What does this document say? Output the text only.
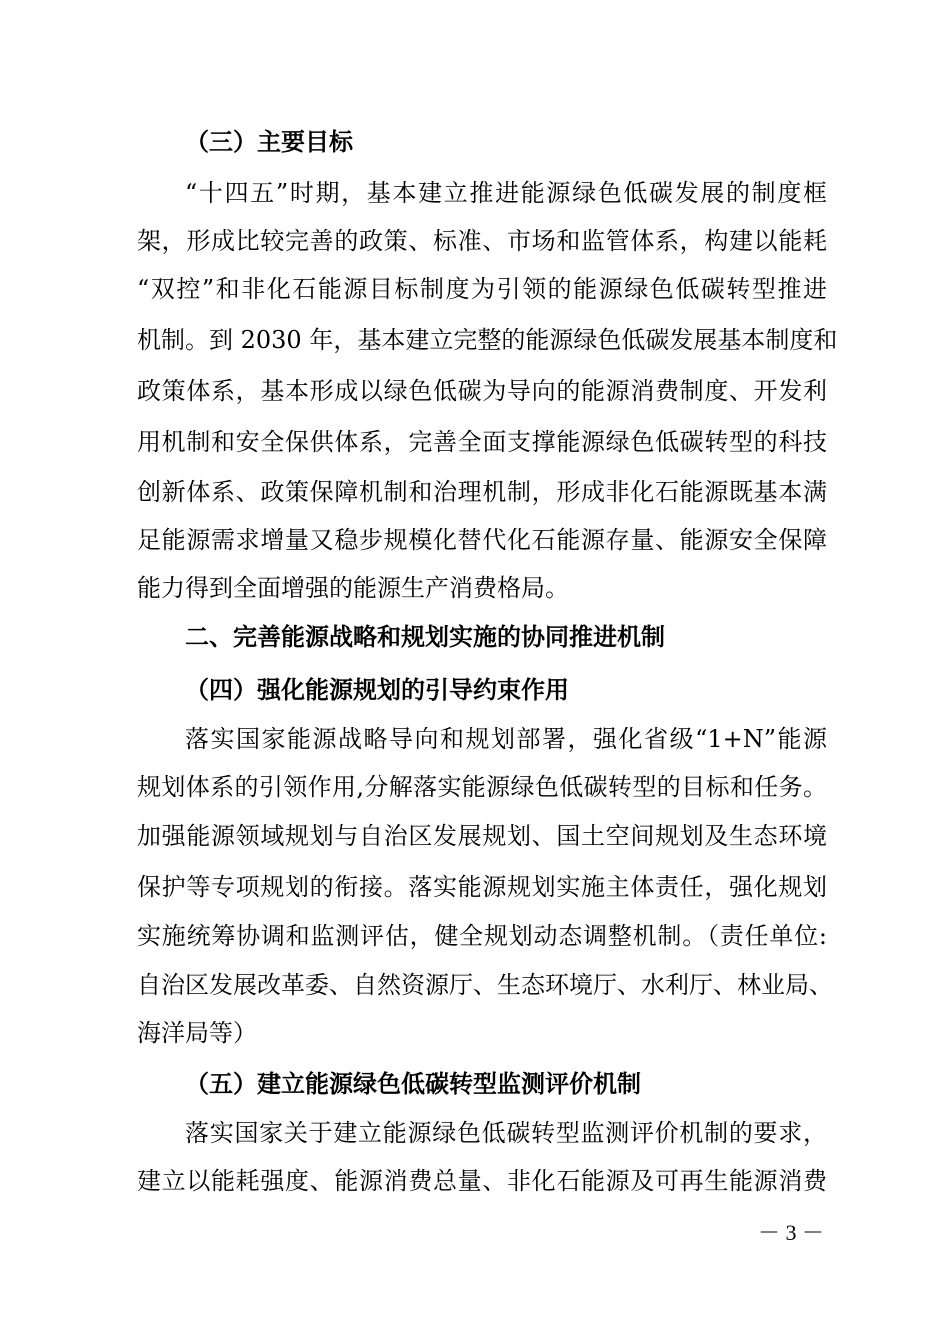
（三）主要目标
“十四五”时期，基本建立推进能源绿色低碳发展的制度框
架，形成比较完善的政策、标准、市场和监管体系，构建以能耗
“双控”和非化石能源目标制度为引领的能源绿色低碳转型推进
机制。到 2030 年，基本建立完整的能源绿色低碳发展基本制度和
政策体系，基本形成以绿色低碳为导向的能源消费制度、开发利
用机制和安全保供体系，完善全面支撑能源绿色低碳转型的科技
创新体系、政策保障机制和治理机制，形成非化石能源既基本满
足能源需求增量又稳步规模化替代化石能源存量、能源安全保障
能力得到全面增强的能源生产消费格局。
二、完善能源战略和规划实施的协同推进机制
（四）强化能源规划的引导约束作用
落实国家能源战略导向和规划部署，强化省级“1+N”能源
规划体系的引领作用,分解落实能源绿色低碳转型的目标和任务。
加强能源领域规划与自治区发展规划、国土空间规划及生态环境
保护等专项规划的衔接。落实能源规划实施主体责任，强化规划
实施统筹协调和监测评估，健全规划动态调整机制。（责任单位:
自治区发展改革委、自然资源厅、生态环境厅、水利厅、林业局、
海洋局等）
（五）建立能源绿色低碳转型监测评价机制
落实国家关于建立能源绿色低碳转型监测评价机制的要求，
建立以能耗强度、能源消费总量、非化石能源及可再生能源消费
－ 3 －
